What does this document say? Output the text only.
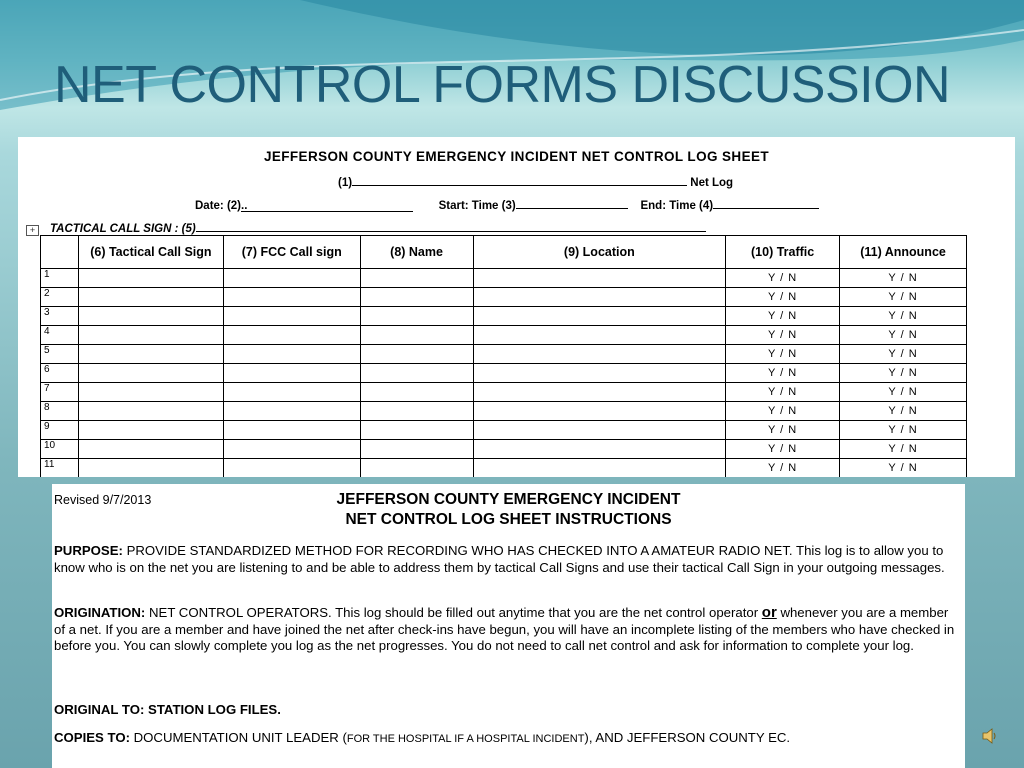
NET CONTROL FORMS DISCUSSION
JEFFERSON COUNTY EMERGENCY INCIDENT NET CONTROL LOG SHEET
(1)	Net Log
Date: (2)..	Start: Time (3)	End: Time (4)
+	TACTICAL CALL SIGN : (5)
	(6) Tactical Call Sign	(7) FCC Call sign	(8) Name	(9) Location	(10) Traffic	(11) Announce
1					Y / N	Y / N
2					Y / N	Y / N
3					Y / N	Y / N
4					Y / N	Y / N
5					Y / N	Y / N
6					Y / N	Y / N
7					Y / N	Y / N
8					Y / N	Y / N
9					Y / N	Y / N
10					Y / N	Y / N
11					Y / N	Y / N
Revised 9/7/2013	JEFFERSON COUNTY EMERGENCY INCIDENT
NET CONTROL LOG SHEET INSTRUCTIONS
PURPOSE: PROVIDE STANDARDIZED METHOD FOR RECORDING WHO HAS CHECKED INTO A AMATEUR RADIO NET. This log is to allow you to know who is on the net you are listening to and be able to address them by tactical Call Signs and use their tactical Call Sign in your outgoing messages.
ORIGINATION: NET CONTROL OPERATORS. This log should be filled out anytime that you are the net control operator or whenever you are a member of a net. If you are a member and have joined the net after check-ins have begun, you will have an incomplete listing of the members who have checked in before you. You can slowly complete you log as the net progresses. You do not need to call net control and ask for information to complete your log.
ORIGINAL TO: STATION LOG FILES.
COPIES TO: DOCUMENTATION UNIT LEADER (FOR THE HOSPITAL IF A HOSPITAL INCIDENT), AND JEFFERSON COUNTY EC.
